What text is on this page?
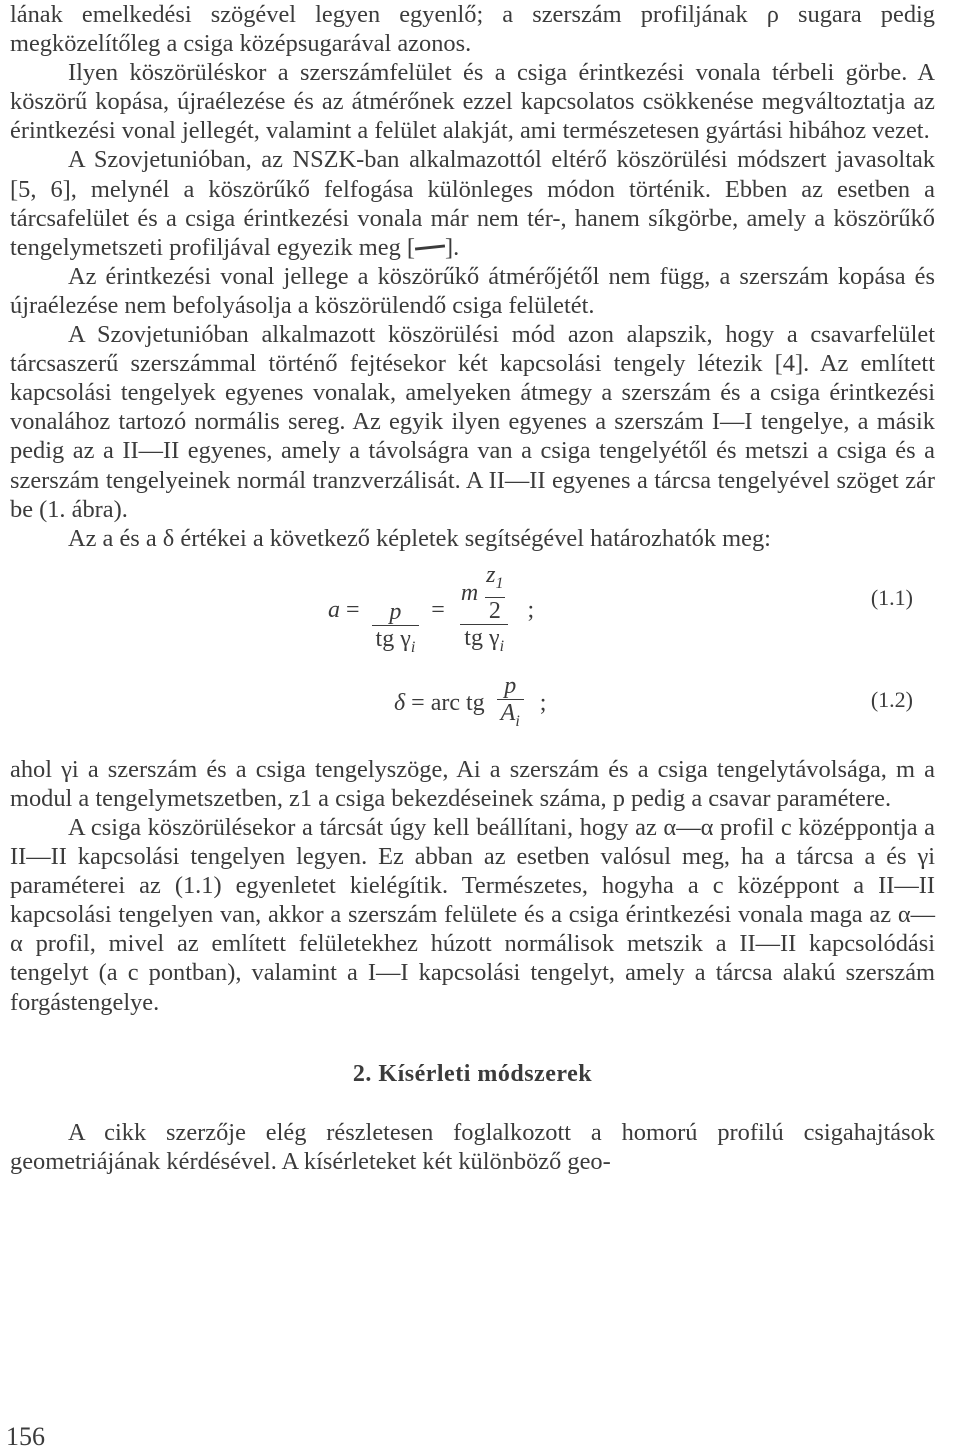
lának emelkedési szögével legyen egyenlő; a szerszám profiljának ρ sugara pedig megközelítőleg a csiga középsugarával azonos.

Ilyen köszörüléskor a szerszámfelület és a csiga érintkezési vonala térbeli görbe. A köszörű kopása, újraélezése és az átmérőnek ezzel kapcsolatos csökkenése megváltoztatja az érintkezési vonal jellegét, valamint a felület alakját, ami természetesen gyártási hibához vezet.

A Szovjetunióban, az NSZK-ban alkalmazottól eltérő köszörülési módszert javasoltak [5, 6], melynél a köszörűkő felfogása különleges módon történik. Ebben az esetben a tárcsafelület és a csiga érintkezési vonala már nem tér-, hanem síkgörbe, amely a köszörűkő tengelymetszeti profiljával egyezik meg [ ].

Az érintkezési vonal jellege a köszörűkő átmérőjétől nem függ, a szerszám kopása és újraélezése nem befolyásolja a köszörülendő csiga felületét.

A Szovjetunióban alkalmazott köszörülési mód azon alapszik, hogy a csavarfelület tárcsaszerű szerszámmal történő fejtésekor két kapcsolási tengely létezik [4]. Az említett kapcsolási tengelyek egyenes vonalak, amelyeken átmegy a szerszám és a csiga érintkezési vonalához tartozó normális sereg. Az egyik ilyen egyenes a szerszám I—I tengelye, a másik pedig az a II—II egyenes, amely a távolságra van a csiga tengelyétől és metszi a csiga és a szerszám tengelyeinek normál tranzverzálisát. A II—II egyenes a tárcsa tengelyével szöget zár be (1. ábra).

Az a és a δ értékei a következő képletek segítségével határozhatók meg:

$a = \frac{p}{tg \gamma_i} = \frac{m \frac{z_1}{2}}{tg \gamma_i}$ ;	(1.1)
δ = arc tg $\frac{p}{A_i}$ ;	(1.2)

ahol γi a szerszám és a csiga tengelyszöge, Ai a szerszám és a csiga tengelytávolsága, m a modul a tengelymetszetben, z1 a csiga bekezdéseinek száma, p pedig a csavar paramétere.

A csiga köszörülésekor a tárcsát úgy kell beállítani, hogy az α—α profil c középpontja a II—II kapcsolási tengelyen legyen. Ez abban az esetben valósul meg, ha a tárcsa a és γi paraméterei az (1.1) egyenletet kielégítik. Természetes, hogyha a c középpont a II—II kapcsolási tengelyen van, akkor a szerszám felülete és a csiga érintkezési vonala maga az α—α profil, mivel az említett felületekhez húzott normálisok metszik a II—II kapcsolódási tengelyt (a c pontban), valamint a I—I kapcsolási tengelyt, amely a tárcsa alakú szerszám forgástengelye.

2. Kísérleti módszerek

A cikk szerzője elég részletesen foglalkozott a homorú profilú csigahajtások geometriájának kérdésével. A kísérleteket két különböző geo-

156
